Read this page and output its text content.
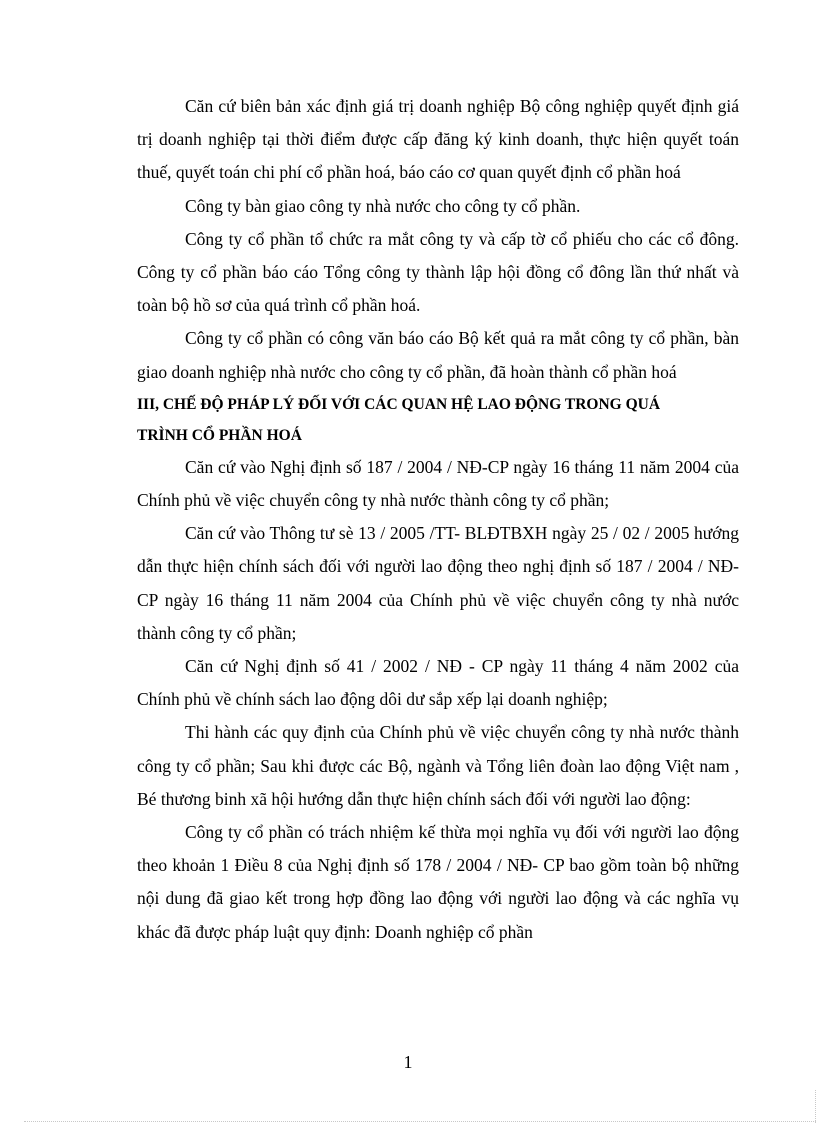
Căn cứ biên bản xác định giá trị doanh nghiệp Bộ công nghiệp quyết định giá trị doanh nghiệp tại thời điểm được cấp đăng ký kinh doanh, thực hiện quyết toán thuế, quyết toán chi phí cổ phần hoá, báo cáo cơ quan quyết định cổ phần hoá

Công ty bàn giao công ty nhà nước cho công ty cổ phần.

Công ty cổ phần tổ chức ra mắt công ty và cấp tờ cổ phiếu cho các cổ đông. Công ty cổ phần báo cáo Tổng công ty thành lập hội đồng cổ đông lần thứ nhất và toàn bộ hồ sơ của quá trình cổ phần hoá.

Công ty cổ phần có công văn báo cáo Bộ kết quả ra mắt công ty cổ phần, bàn giao doanh nghiệp nhà nước cho công ty cổ phần, đã hoàn thành cổ phần hoá

III, CHẾ ĐỘ PHÁP LÝ ĐỐI VỚI CÁC QUAN HỆ LAO ĐỘNG TRONG QUÁ TRÌNH CỔ PHẦN HOÁ

Căn cứ vào Nghị định số 187 / 2004 / NĐ-CP ngày 16 tháng 11 năm 2004 của Chính phủ về việc chuyển công ty nhà nước thành công ty cổ phần;

Căn cứ vào Thông tư sè 13 / 2005 /TT- BLĐTBXH ngày 25 / 02 / 2005 hướng dẫn thực hiện chính sách đối với người lao động theo nghị định số 187 / 2004 / NĐ-CP ngày 16 tháng 11 năm 2004 của Chính phủ về việc chuyển công ty nhà nước thành công ty cổ phần;

Căn cứ Nghị định số 41 / 2002 / NĐ - CP ngày 11 tháng 4 năm 2002 của Chính phủ về chính sách lao động dôi dư sắp xếp lại doanh nghiệp;

Thi hành các quy định của Chính phủ về việc chuyển công ty nhà nước thành công ty cổ phần; Sau khi được các Bộ, ngành và Tổng liên đoàn lao động Việt nam , Bé thương binh xã hội hướng dẫn thực hiện chính sách đối với người lao động:

Công ty cổ phần có trách nhiệm kế thừa mọi nghĩa vụ đối với người lao động theo khoản 1 Điều 8 của Nghị định số 178 / 2004 / NĐ- CP bao gồm toàn bộ những nội dung đã giao kết trong hợp đồng lao động với người lao động và các nghĩa vụ khác đã được pháp luật quy định: Doanh nghiệp cổ phần

1
